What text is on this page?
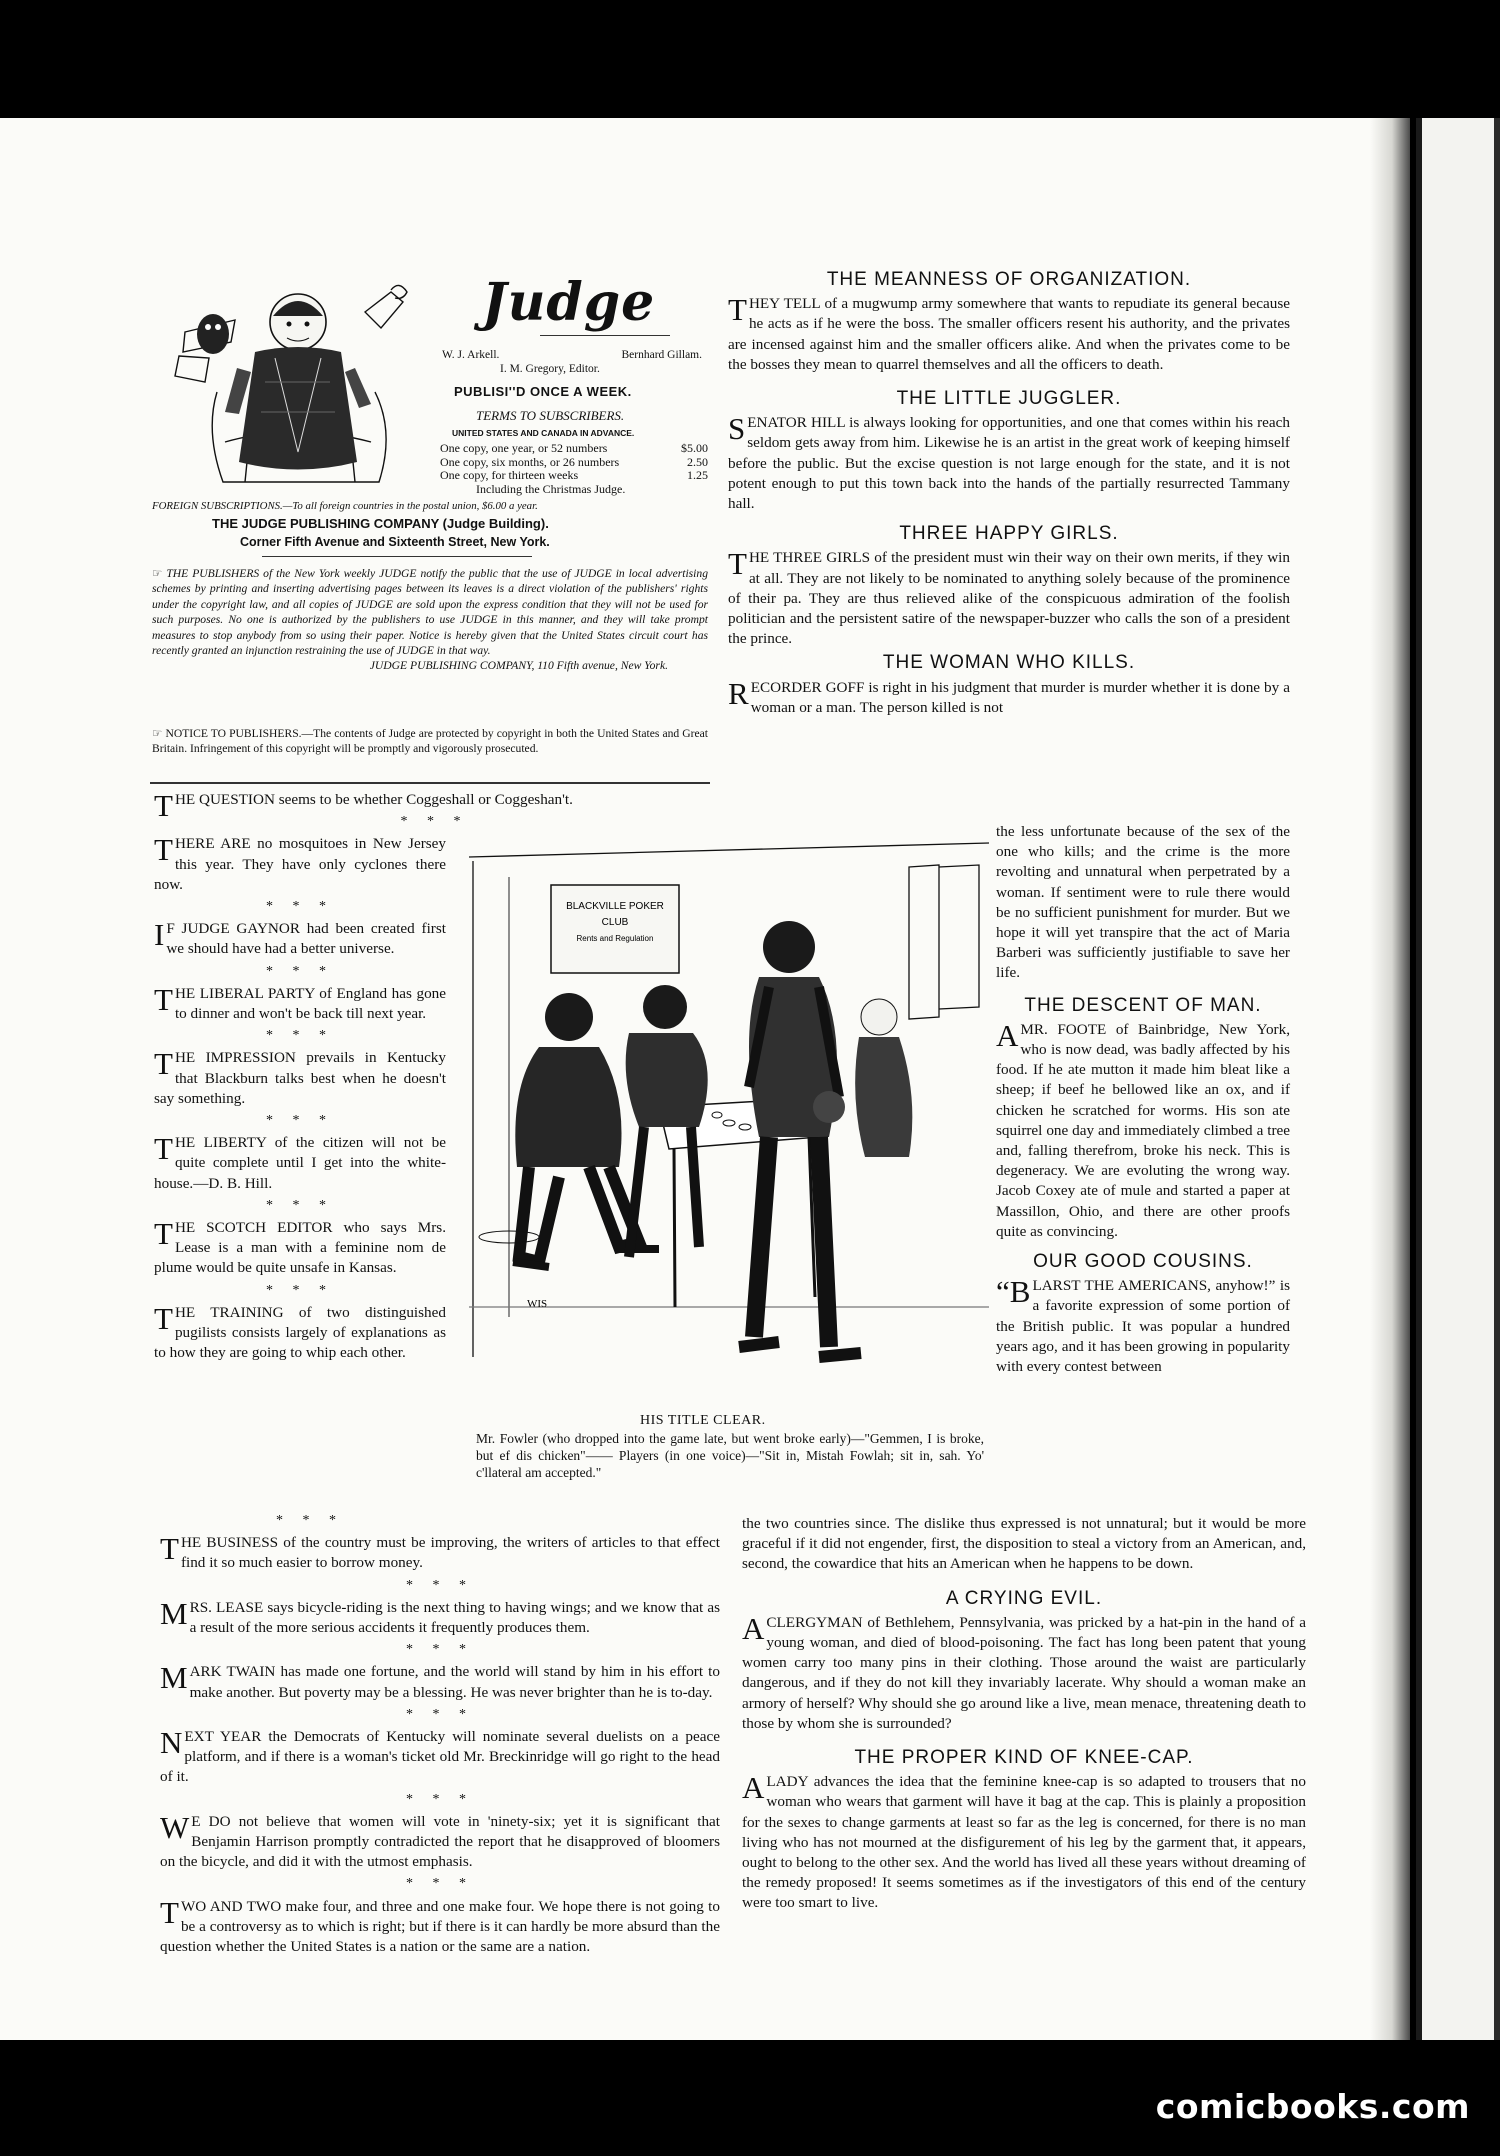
comicbooks.com
Judge
W. J. Arkell.	Bernhard Gillam.
I. M. Gregory, Editor.
PUBLISI''D ONCE A WEEK.
TERMS TO SUBSCRIBERS.
UNITED STATES AND CANADA IN ADVANCE.
One copy, one year, or 52 numbers	$5.00
One copy, six months, or 26 numbers	2.50
One copy, for thirteen weeks	1.25
Including the Christmas Judge.
FOREIGN SUBSCRIPTIONS.—To all foreign countries in the postal union, $6.00 a year.
THE JUDGE PUBLISHING COMPANY (Judge Building).
Corner Fifth Avenue and Sixteenth Street, New York.
☞ THE PUBLISHERS of the New York weekly JUDGE notify the public that the use of JUDGE in local advertising schemes by printing and inserting advertising pages between its leaves is a direct violation of the publishers' rights under the copyright law, and all copies of JUDGE are sold upon the express condition that they will not be used for such purposes. No one is authorized by the publishers to use JUDGE in this manner, and they will take prompt measures to stop anybody from so using their paper. Notice is hereby given that the United States circuit court has recently granted an injunction restraining the use of JUDGE in that way.
JUDGE PUBLISHING COMPANY, 110 Fifth avenue, New York.
☞ NOTICE TO PUBLISHERS.—The contents of Judge are protected by copyright in both the United States and Great Britain. Infringement of this copyright will be promptly and vigorously prosecuted.

THE QUESTION seems to be whether Coggeshall or Coggeshan't.

* * *

THERE ARE no mosquitoes in New Jersey this year. They have only cyclones there now.

* * *

IF JUDGE GAYNOR had been created first we should have had a better universe.

* * *

THE LIBERAL PARTY of England has gone to dinner and won't be back till next year.

* * *

THE IMPRESSION prevails in Kentucky that Blackburn talks best when he doesn't say something.

* * *

THE LIBERTY of the citizen will not be quite complete until I get into the white-house.—D. B. Hill.

* * *

THE SCOTCH EDITOR who says Mrs. Lease is a man with a feminine nom de plume would be quite unsafe in Kansas.

* * *

THE TRAINING of two distinguished pugilists consists largely of explanations as to how they are going to whip each other.

BLACKVILLE POKER
CLUB
Rents and Regulation
WIS
HIS TITLE CLEAR.
Mr. Fowler (who dropped into the game late, but went broke early)—"Gemmen, I is broke, but ef dis chicken"—— Players (in one voice)—"Sit in, Mistah Fowlah; sit in, sah. Yo' c'llateral am accepted."
THE MEANNESS OF ORGANIZATION.

THEY TELL of a mugwump army somewhere that wants to repudiate its general because he acts as if he were the boss. The smaller officers resent his authority, and the privates are incensed against him and the smaller officers alike. And when the privates come to be the bosses they mean to quarrel themselves and all the officers to death.

THE LITTLE JUGGLER.

SENATOR HILL is always looking for opportunities, and one that comes within his reach seldom gets away from him. Likewise he is an artist in the great work of keeping himself before the public. But the excise question is not large enough for the state, and it is not potent enough to put this town back into the hands of the partially resurrected Tammany hall.

THREE HAPPY GIRLS.

THE THREE GIRLS of the president must win their way on their own merits, if they win at all. They are not likely to be nominated to anything solely because of the prominence of their pa. They are thus relieved alike of the conspicuous admiration of the foolish politician and the persistent satire of the newspaper-buzzer who calls the son of a president the prince.

THE WOMAN WHO KILLS.

RECORDER GOFF is right in his judgment that murder is murder whether it is done by a woman or a man. The person killed is not

the less unfortunate because of the sex of the one who kills; and the crime is the more revolting and unnatural when perpetrated by a woman. If sentiment were to rule there would be no sufficient punishment for murder. But we hope it will yet transpire that the act of Maria Barberi was sufficiently justifiable to save her life.

THE DESCENT OF MAN.

AMR. FOOTE of Bainbridge, New York, who is now dead, was badly affected by his food. If he ate mutton it made him bleat like a sheep; if beef he bellowed like an ox, and if chicken he scratched for worms. His son ate squirrel one day and immediately climbed a tree and, falling therefrom, broke his neck. This is degeneracy. We are evoluting the wrong way. Jacob Coxey ate of mule and started a paper at Massillon, Ohio, and there are other proofs quite as convincing.

OUR GOOD COUSINS.

“BLARST THE AMERICANS, anyhow!” is a favorite expression of some portion of the British public. It was popular a hundred years ago, and it has been growing in popularity with every contest between

the two countries since. The dislike thus expressed is not unnatural; but it would be more graceful if it did not engender, first, the disposition to steal a victory from an American, and, second, the cowardice that hits an American when he happens to be down.

A CRYING EVIL.

ACLERGYMAN of Bethlehem, Pennsylvania, was pricked by a hat-pin in the hand of a young woman, and died of blood-poisoning. The fact has long been patent that young women carry too many pins in their clothing. Those around the waist are particularly dangerous, and if they do not kill they invariably lacerate. Why should a woman make an armory of herself? Why should she go around like a live, mean menace, threatening death to those by whom she is surrounded?

THE PROPER KIND OF KNEE-CAP.

ALADY advances the idea that the feminine knee-cap is so adapted to trousers that no woman who wears that garment will have it bag at the cap. This is plainly a proposition for the sexes to change garments at least so far as the leg is concerned, for there is no man living who has not mourned at the disfigurement of his leg by the garment that, it appears, ought to belong to the other sex. And the world has lived all these years without dreaming of the remedy proposed! It seems sometimes as if the investigators of this end of the century were too smart to live.

* * *

THE BUSINESS of the country must be improving, the writers of articles to that effect find it so much easier to borrow money.

* * *

MRS. LEASE says bicycle-riding is the next thing to having wings; and we know that as a result of the more serious accidents it frequently produces them.

* * *

MARK TWAIN has made one fortune, and the world will stand by him in his effort to make another. But poverty may be a blessing. He was never brighter than he is to-day.

* * *

NEXT YEAR the Democrats of Kentucky will nominate several duelists on a peace platform, and if there is a woman's ticket old Mr. Breckinridge will go right to the head of it.

* * *

WE DO not believe that women will vote in 'ninety-six; yet it is significant that Benjamin Harrison promptly contradicted the report that he disapproved of bloomers on the bicycle, and did it with the utmost emphasis.

* * *

TWO AND TWO make four, and three and one make four. We hope there is not going to be a controversy as to which is right; but if there is it can hardly be more absurd than the question whether the United States is a nation or the same are a nation.
